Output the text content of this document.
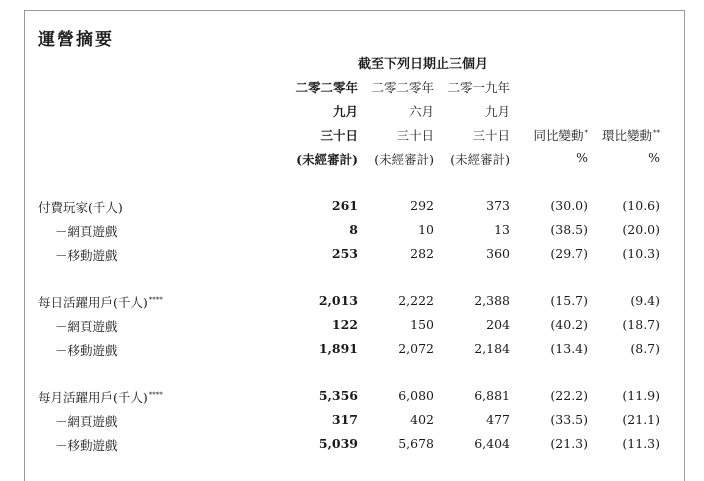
運營摘要
截至下列日期止三個月
二零二零年
九月
三十日
(未經審計)
二零二零年
六月
三十日
(未經審計)
二零一九年
九月
三十日
(未經審計)
同比變動*
%
環比變動**
%
付費玩家(千人)	261	292	373	(30.0)	(10.6)
－網頁遊戲	8	10	13	(38.5)	(20.0)
－移動遊戲	253	282	360	(29.7)	(10.3)
每日活躍用戶(千人)****	2,013	2,222	2,388	(15.7)	(9.4)
－網頁遊戲	122	150	204	(40.2)	(18.7)
－移動遊戲	1,891	2,072	2,184	(13.4)	(8.7)
每月活躍用戶(千人)****	5,356	6,080	6,881	(22.2)	(11.9)
－網頁遊戲	317	402	477	(33.5)	(21.1)
－移動遊戲	5,039	5,678	6,404	(21.3)	(11.3)
